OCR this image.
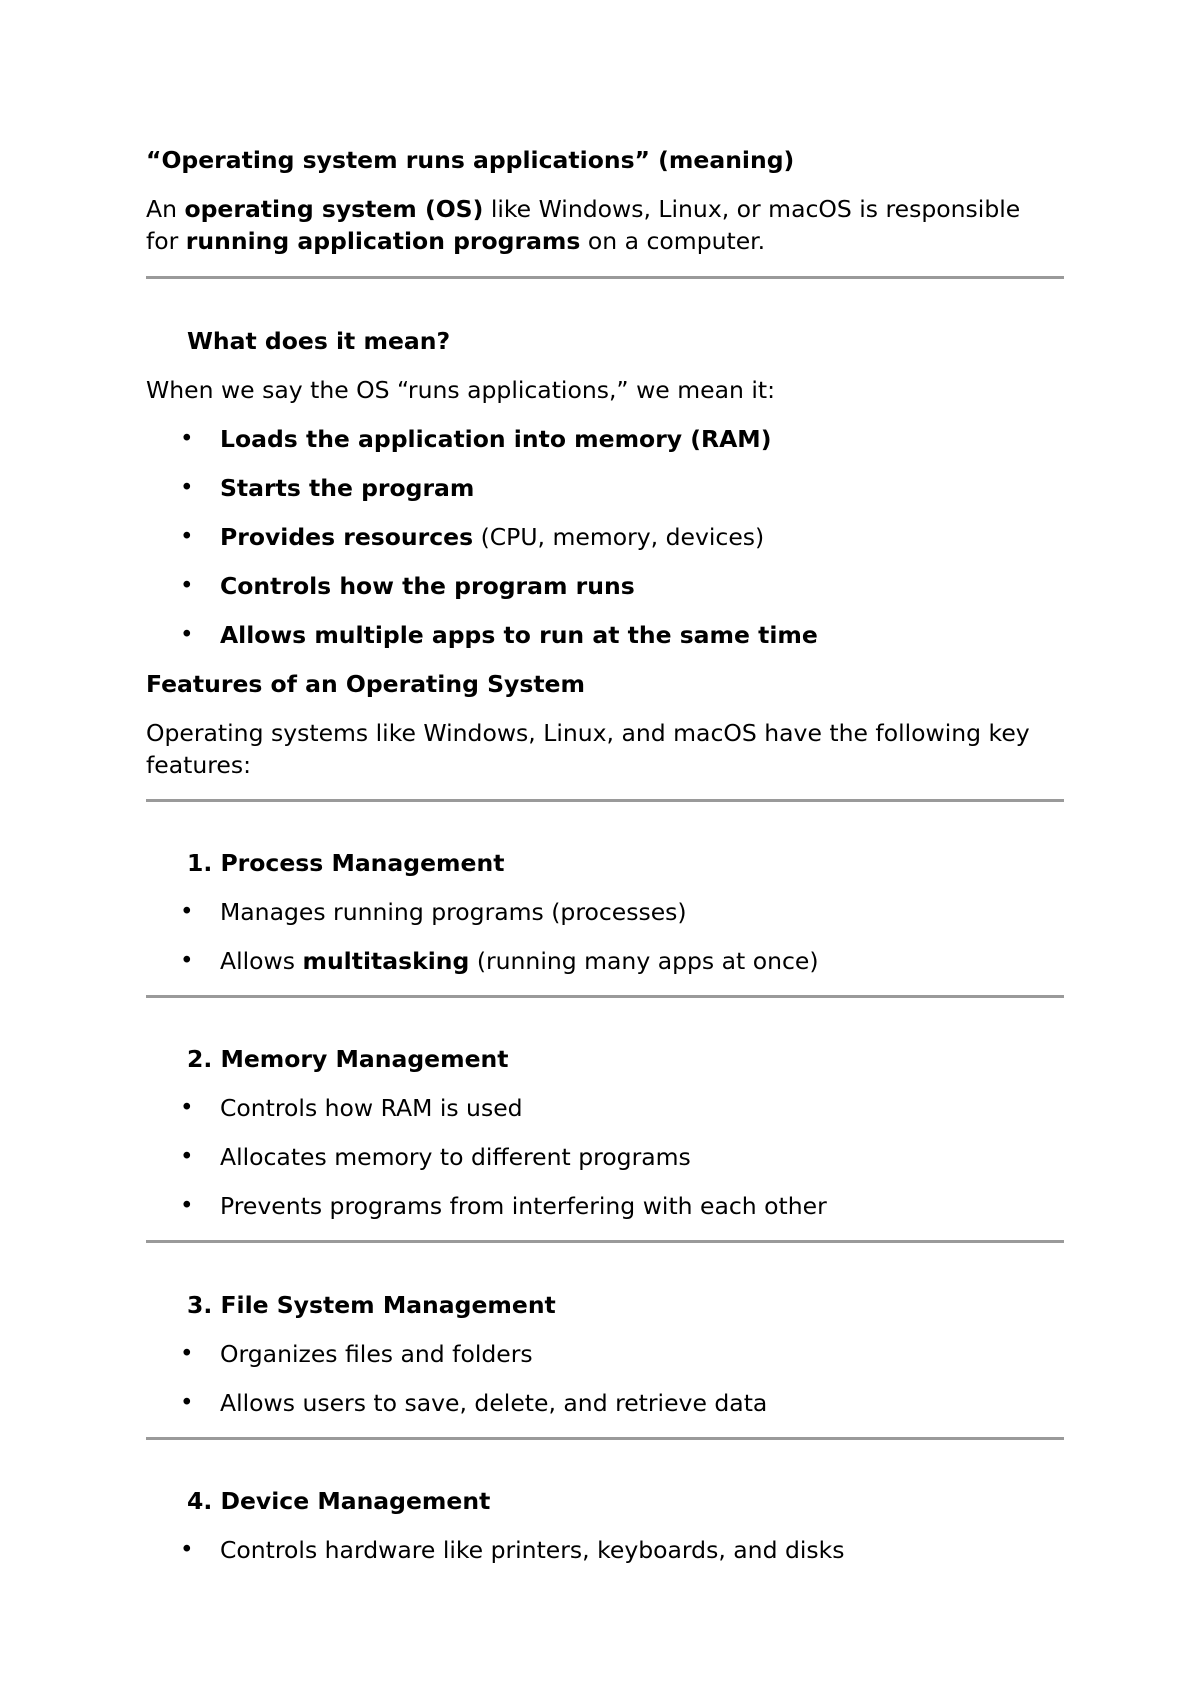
“Operating system runs applications” (meaning)
An operating system (OS) like Windows, Linux, or macOS is responsible
for running application programs on a computer.
What does it mean?
When we say the OS “runs applications,” we mean it:
• Loads the application into memory (RAM)
• Starts the program
• Provides resources (CPU, memory, devices)
• Controls how the program runs
• Allows multiple apps to run at the same time
Features of an Operating System
Operating systems like Windows, Linux, and macOS have the following key
features:
1. Process Management
• Manages running programs (processes)
• Allows multitasking (running many apps at once)
2. Memory Management
• Controls how RAM is used
• Allocates memory to different programs
• Prevents programs from interfering with each other
3. File System Management
• Organizes files and folders
• Allows users to save, delete, and retrieve data
4. Device Management
• Controls hardware like printers, keyboards, and disks
